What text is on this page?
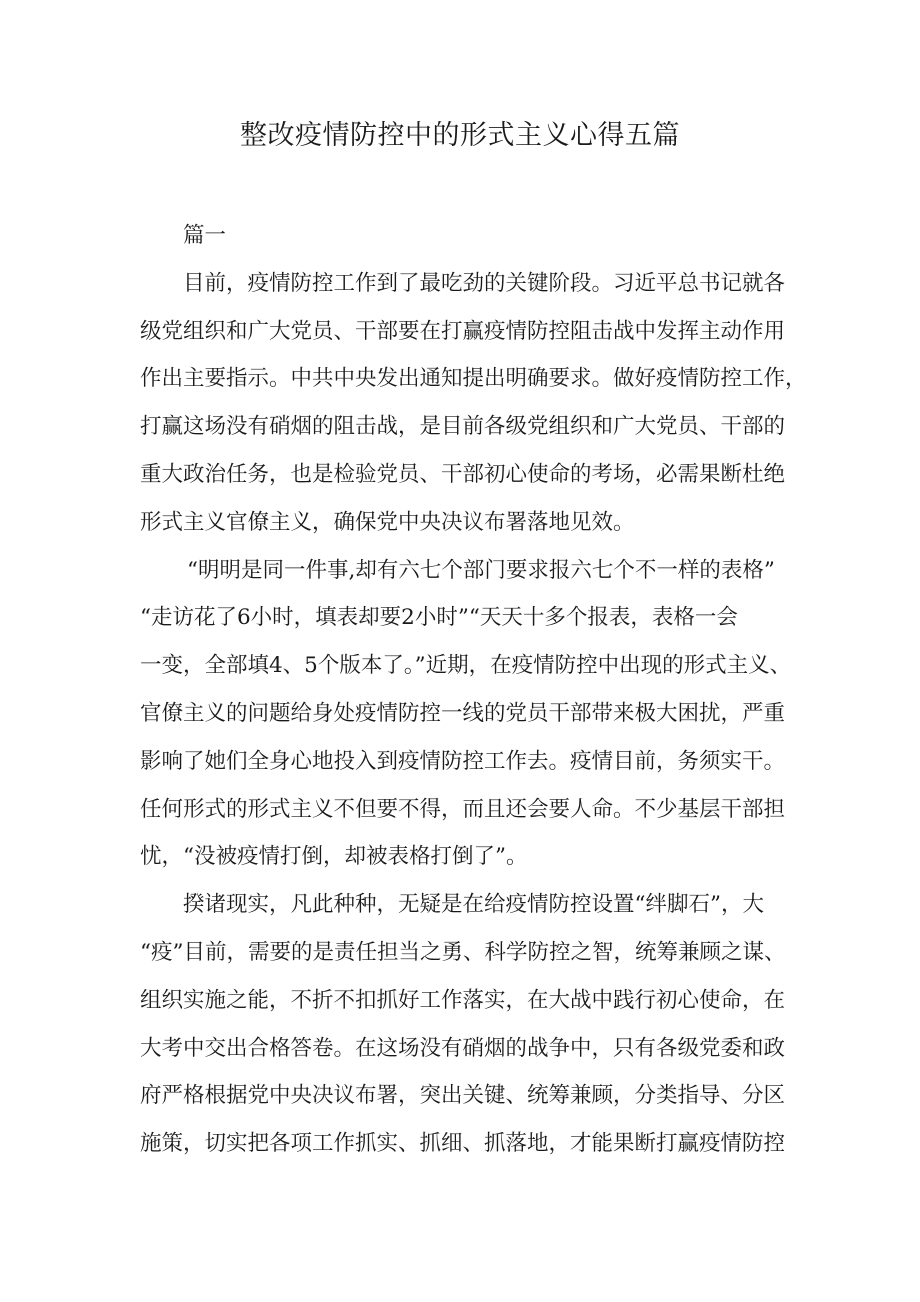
整改疫情防控中的形式主义心得五篇
篇一
目前，疫情防控工作到了最吃劲的关键阶段。习近平总书记就各
级党组织和广大党员、干部要在打赢疫情防控阻击战中发挥主动作用
作出主要指示。中共中央发出通知提出明确要求。做好疫情防控工作，
打赢这场没有硝烟的阻击战，是目前各级党组织和广大党员、干部的
重大政治任务，也是检验党员、干部初心使命的考场，必需果断杜绝
形式主义官僚主义，确保党中央决议布署落地见效。
“明明是同一件事,却有六七个部门要求报六七个不一样的表格”
“走访花了6小时，填表却要2小时”“天天十多个报表，表格一会
一变，全部填4、5个版本了。”近期，在疫情防控中出现的形式主义、
官僚主义的问题给身处疫情防控一线的党员干部带来极大困扰，严重
影响了她们全身心地投入到疫情防控工作去。疫情目前，务须实干。
任何形式的形式主义不但要不得，而且还会要人命。不少基层干部担
忧，“没被疫情打倒，却被表格打倒了”。
揆诸现实，凡此种种，无疑是在给疫情防控设置“绊脚石”，大
“疫”目前，需要的是责任担当之勇、科学防控之智，统筹兼顾之谋、
组织实施之能，不折不扣抓好工作落实，在大战中践行初心使命，在
大考中交出合格答卷。在这场没有硝烟的战争中，只有各级党委和政
府严格根据党中央决议布署，突出关键、统筹兼顾，分类指导、分区
施策，切实把各项工作抓实、抓细、抓落地，才能果断打赢疫情防控
